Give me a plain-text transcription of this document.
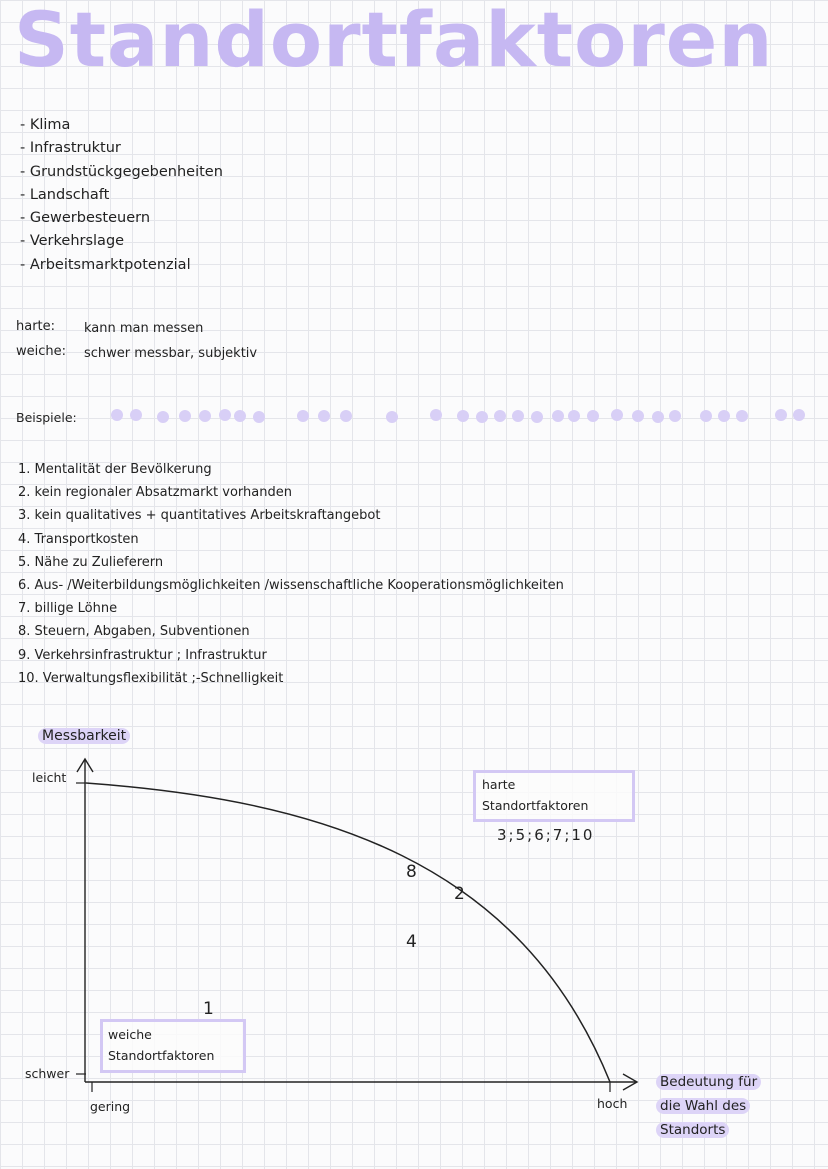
Standortfaktoren
- Klima
- Infrastruktur
- Grundstückgegebenheiten
- Landschaft
- Gewerbesteuern
- Verkehrslage
- Arbeitsmarktpotenzial
harte: kann man messen
weiche: schwer messbar, subjektiv
Beispiele:
1. Mentalität der Bevölkerung
2. kein regionaler Absatzmarkt vorhanden
3. kein qualitatives + quantitatives Arbeitskraftangebot
4. Transportkosten
5. Nähe zu Zulieferern
6. Aus- /Weiterbildungsmöglichkeiten /wissenschaftliche Kooperationsmöglichkeiten
7. billige Löhne
8. Steuern, Abgaben, Subventionen
9. Verkehrsinfrastruktur ; Infrastruktur
10. Verwaltungsflexibilität ;-Schnelligkeit
Messbarkeit
leicht
schwer
gering	hoch
Bedeutung für
die Wahl des
Standorts
harte
Standortfaktoren
3;5;6;7;10
weiche
Standortfaktoren
8
2
4
1
